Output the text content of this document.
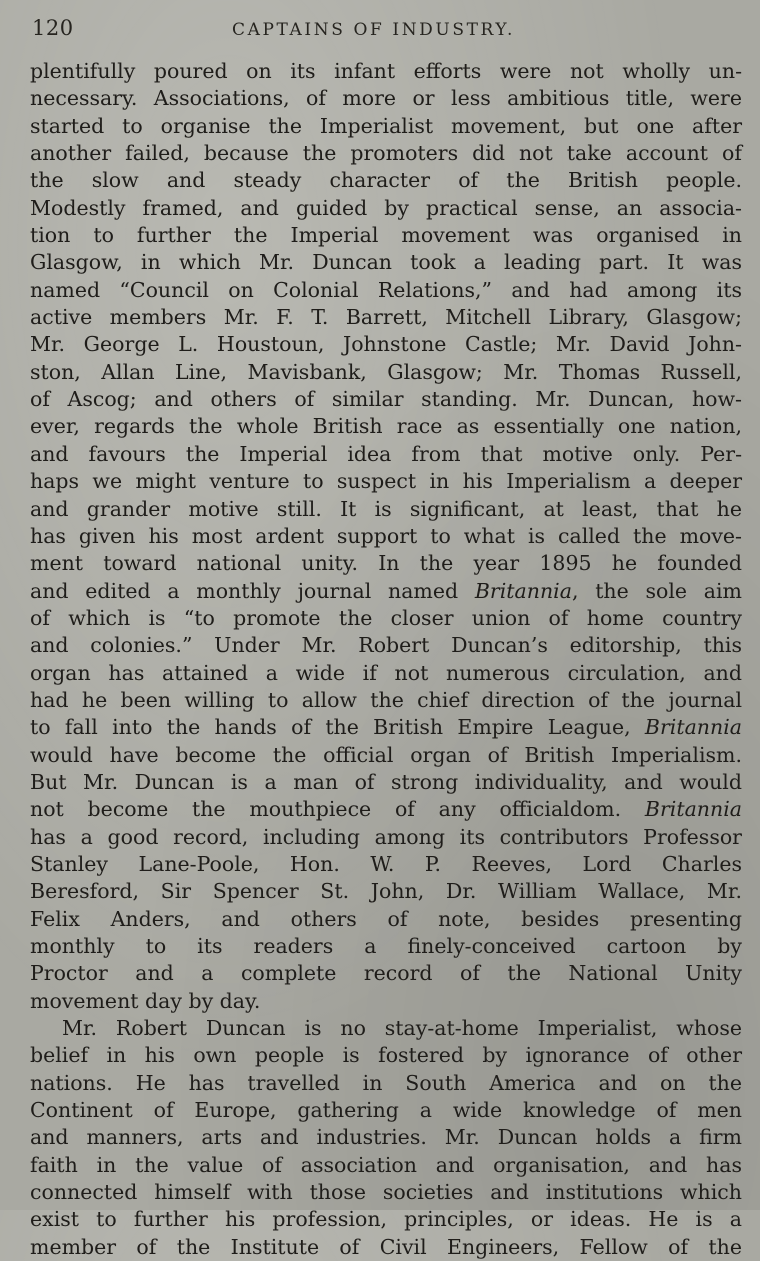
120	CAPTAINS OF INDUSTRY.
plentifully poured on its infant efforts were not wholly un-
necessary. Associations, of more or less ambitious title, were
started to organise the Imperialist movement, but one after
another failed, because the promoters did not take account of
the slow and steady character of the British people.
Modestly framed, and guided by practical sense, an associa-
tion to further the Imperial movement was organised in
Glasgow, in which Mr. Duncan took a leading part. It was
named “Council on Colonial Relations,” and had among its
active members Mr. F. T. Barrett, Mitchell Library, Glasgow;
Mr. George L. Houstoun, Johnstone Castle; Mr. David John-
ston, Allan Line, Mavisbank, Glasgow; Mr. Thomas Russell,
of Ascog; and others of similar standing. Mr. Duncan, how-
ever, regards the whole British race as essentially one nation,
and favours the Imperial idea from that motive only. Per-
haps we might venture to suspect in his Imperialism a deeper
and grander motive still. It is significant, at least, that he
has given his most ardent support to what is called the move-
ment toward national unity. In the year 1895 he founded
and edited a monthly journal named Britannia, the sole aim
of which is “to promote the closer union of home country
and colonies.” Under Mr. Robert Duncan’s editorship, this
organ has attained a wide if not numerous circulation, and
had he been willing to allow the chief direction of the journal
to fall into the hands of the British Empire League, Britannia
would have become the official organ of British Imperialism.
But Mr. Duncan is a man of strong individuality, and would
not become the mouthpiece of any officialdom. Britannia
has a good record, including among its contributors Professor
Stanley Lane-Poole, Hon. W. P. Reeves, Lord Charles
Beresford, Sir Spencer St. John, Dr. William Wallace, Mr.
Felix Anders, and others of note, besides presenting
monthly to its readers a finely-conceived cartoon by
Proctor and a complete record of the National Unity
movement day by day.
Mr. Robert Duncan is no stay-at-home Imperialist, whose
belief in his own people is fostered by ignorance of other
nations. He has travelled in South America and on the
Continent of Europe, gathering a wide knowledge of men
and manners, arts and industries. Mr. Duncan holds a firm
faith in the value of association and organisation, and has
connected himself with those societies and institutions which
exist to further his profession, principles, or ideas. He is a
member of the Institute of Civil Engineers, Fellow of the
